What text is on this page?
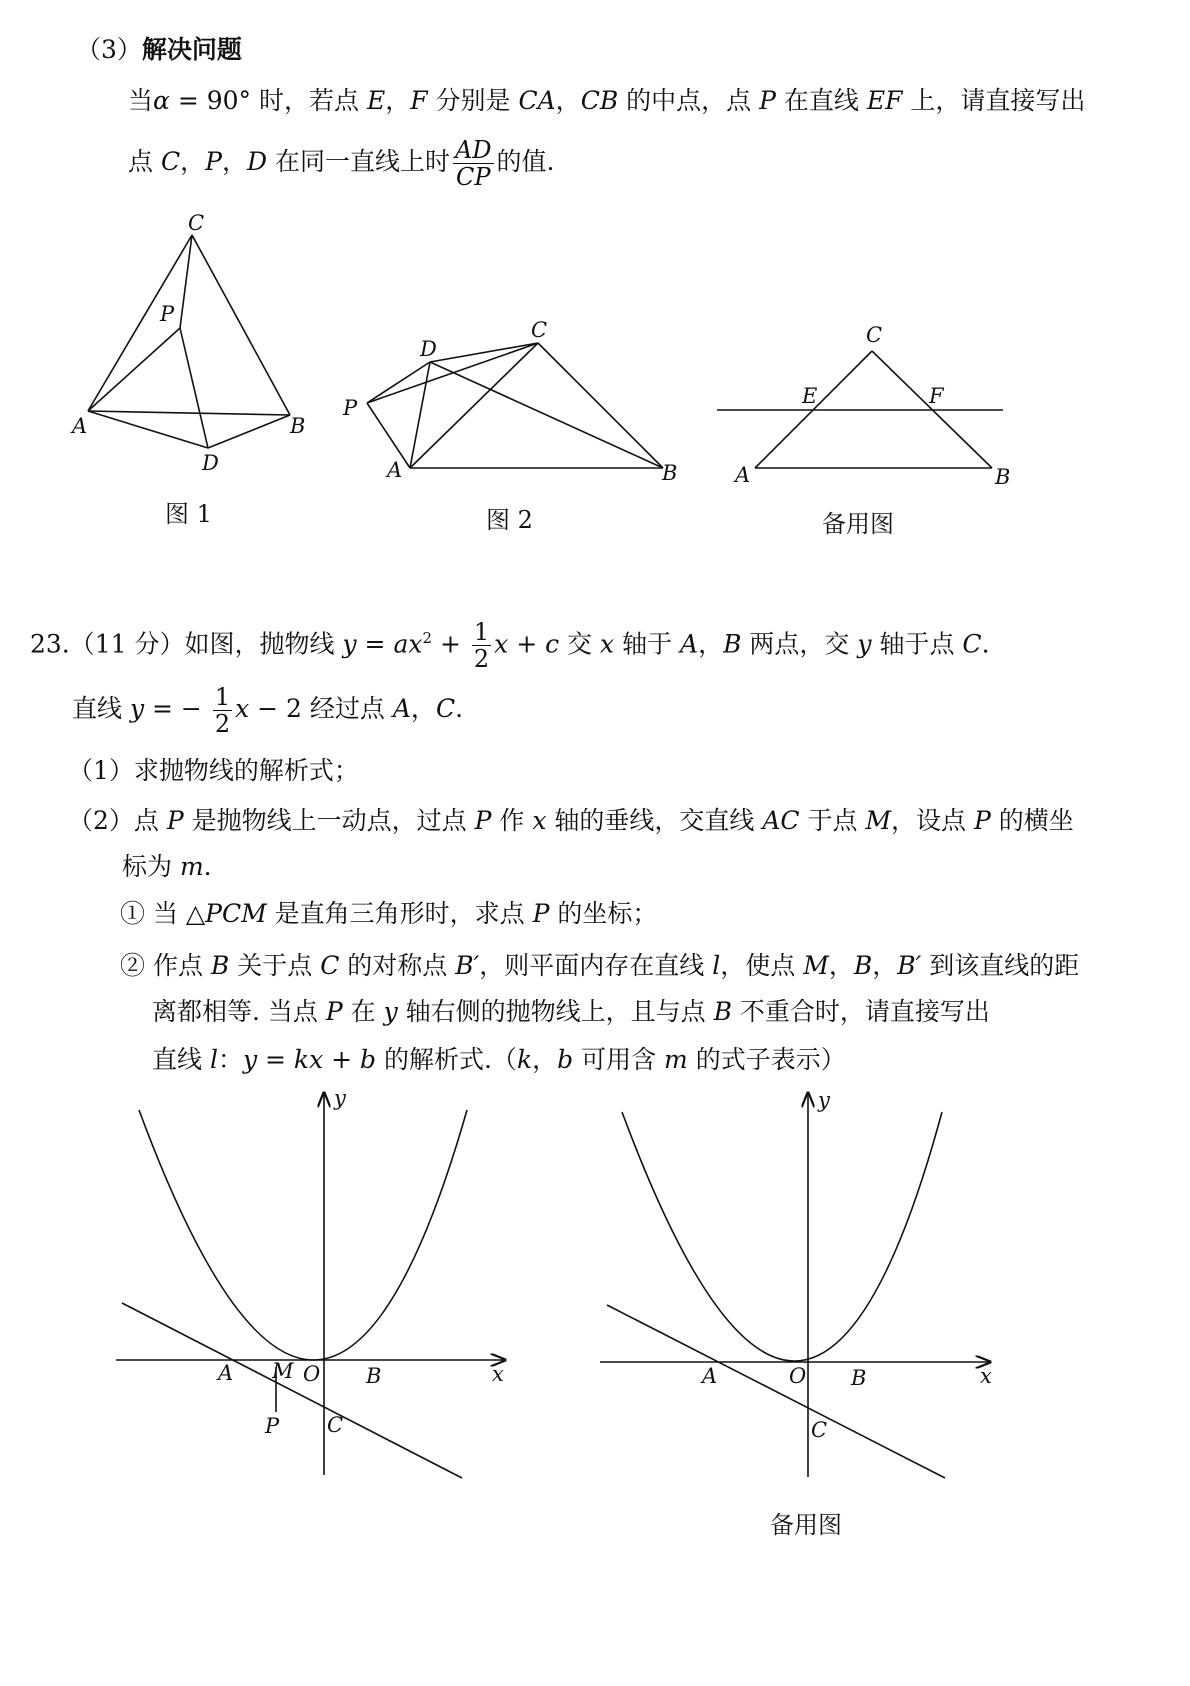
（3）解决问题
当α = 90° 时，若点 E，F 分别是 CA，CB 的中点，点 P 在直线 EF 上，请直接写出
点 C，P，D 在同一直线上时 $\frac{AD}{CP}$ 的值.
C
P
A	B
D
图 1
D
C
P
A	B
图 2
C
E	F
A	B
备用图
23.（11 分）如图，抛物线 $y = ax^2 + \frac{1}{2}$ x + c 交 x 轴于 A，B 两点，交 y 轴于点 C.
直线 y = − $\frac{1}{2}$ x − 2 经过点 A，C.
（1）求抛物线的解析式；
（2）点 P 是抛物线上一动点，过点 P 作 x 轴的垂线，交直线 AC 于点 M，设点 P 的横坐
标为 m.
① 当 △PCM 是直角三角形时，求点 P 的坐标；
② 作点 B 关于点 C 的对称点 B′，则平面内存在直线 l，使点 M，B，B′ 到该直线的距
离都相等. 当点 P 在 y 轴右侧的抛物线上，且与点 B 不重合时，请直接写出
直线 l：y = kx + b 的解析式.（k，b 可用含 m 的式子表示）
y
x
A M O B
P C
y
x
A	O B
C
备用图
